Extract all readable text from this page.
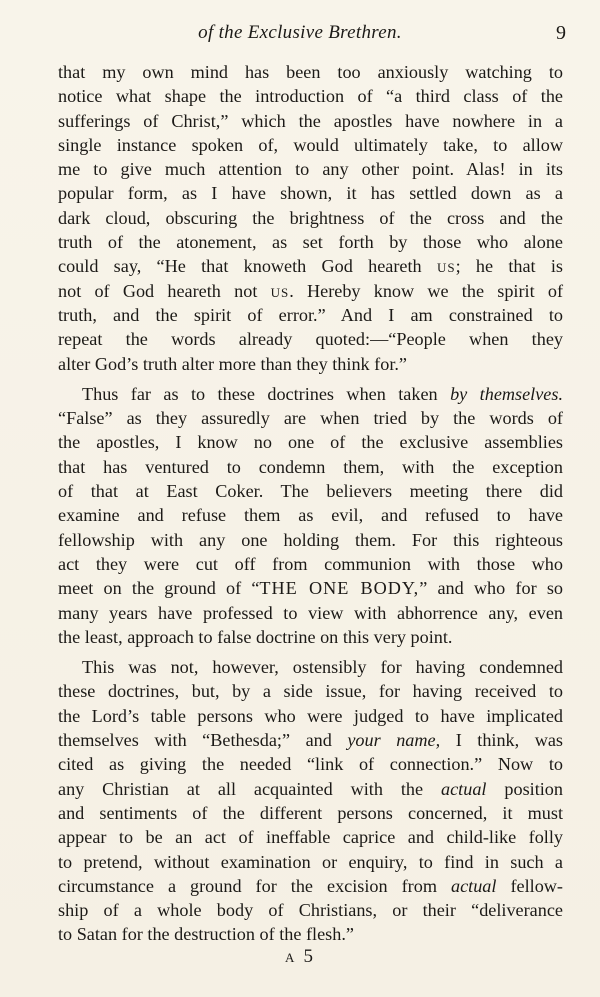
of the Exclusive Brethren.	9
that my own mind has been too anxiously watching to
notice what shape the introduction of “a third class of the
sufferings of Christ,” which the apostles have nowhere in a
single instance spoken of, would ultimately take, to allow
me to give much attention to any other point. Alas! in its
popular form, as I have shown, it has settled down as a
dark cloud, obscuring the brightness of the cross and the
truth of the atonement, as set forth by those who alone
could say, “He that knoweth God heareth us; he that is
not of God heareth not us. Hereby know we the spirit of
truth, and the spirit of error.” And I am constrained to
repeat the words already quoted:—“People when they
alter God’s truth alter more than they think for.”
Thus far as to these doctrines when taken by themselves.
“False” as they assuredly are when tried by the words of
the apostles, I know no one of the exclusive assemblies
that has ventured to condemn them, with the exception
of that at East Coker. The believers meeting there did
examine and refuse them as evil, and refused to have
fellowship with any one holding them. For this righteous
act they were cut off from communion with those who
meet on the ground of “THE ONE BODY,” and who for so
many years have professed to view with abhorrence any, even
the least, approach to false doctrine on this very point.
This was not, however, ostensibly for having condemned
these doctrines, but, by a side issue, for having received to
the Lord’s table persons who were judged to have implicated
themselves with “Bethesda;” and your name, I think, was
cited as giving the needed “link of connection.” Now to
any Christian at all acquainted with the actual position
and sentiments of the different persons concerned, it must
appear to be an act of ineffable caprice and child-like folly
to pretend, without examination or enquiry, to find in such a
circumstance a ground for the excision from actual fellow-
ship of a whole body of Christians, or their “deliverance
to Satan for the destruction of the flesh.”
A 5
